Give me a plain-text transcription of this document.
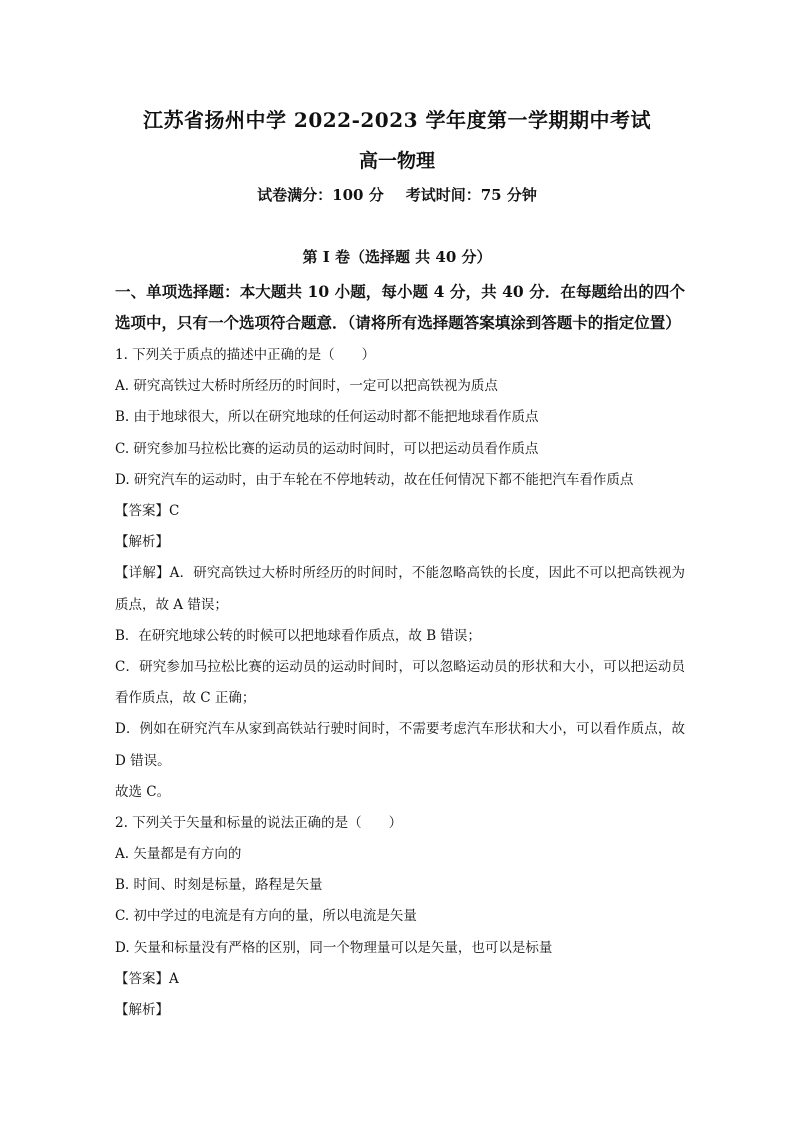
江苏省扬州中学 2022-2023 学年度第一学期期中考试
高一物理
试卷满分：100 分 考试时间：75 分钟
第 I 卷（选择题 共 40 分）
一、单项选择题：本大题共 10 小题，每小题 4 分，共 40 分．在每题给出的四个选项中，只有一个选项符合题意．（请将所有选择题答案填涂到答题卡的指定位置）
1. 下列关于质点的描述中正确的是（　　）
A. 研究高铁过大桥时所经历的时间时，一定可以把高铁视为质点
B. 由于地球很大，所以在研究地球的任何运动时都不能把地球看作质点
C. 研究参加马拉松比赛的运动员的运动时间时，可以把运动员看作质点
D. 研究汽车的运动时，由于车轮在不停地转动，故在任何情况下都不能把汽车看作质点
【答案】C
【解析】
【详解】A．研究高铁过大桥时所经历的时间时，不能忽略高铁的长度，因此不可以把高铁视为质点，故 A 错误；
B．在研究地球公转的时候可以把地球看作质点，故 B 错误；
C．研究参加马拉松比赛的运动员的运动时间时，可以忽略运动员的形状和大小，可以把运动员看作质点，故 C 正确；
D．例如在研究汽车从家到高铁站行驶时间时，不需要考虑汽车形状和大小，可以看作质点，故 D 错误。
故选 C。
2. 下列关于矢量和标量的说法正确的是（　　）
A. 矢量都是有方向的
B. 时间、时刻是标量，路程是矢量
C. 初中学过的电流是有方向的量，所以电流是矢量
D. 矢量和标量没有严格的区别，同一个物理量可以是矢量，也可以是标量
【答案】A
【解析】
